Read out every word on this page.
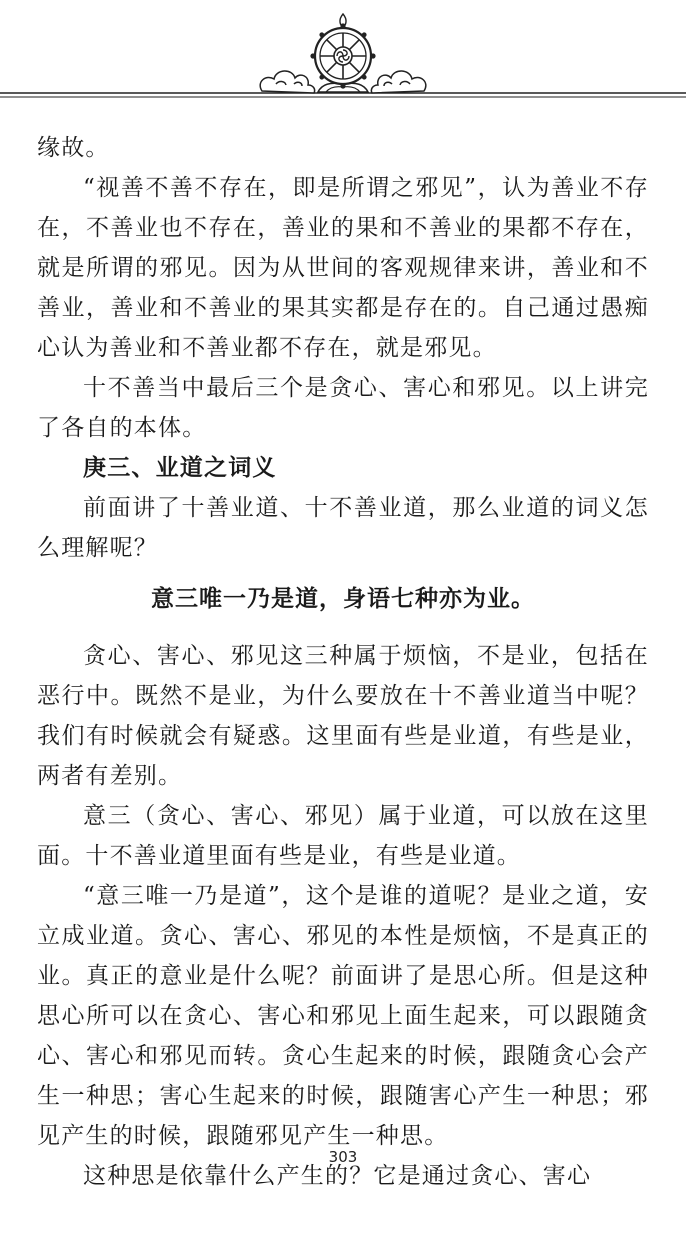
缘故。

“视善不善不存在，即是所谓之邪见”，认为善业不存在，不善业也不存在，善业的果和不善业的果都不存在，就是所谓的邪见。因为从世间的客观规律来讲，善业和不善业，善业和不善业的果其实都是存在的。自己通过愚痴心认为善业和不善业都不存在，就是邪见。

十不善当中最后三个是贪心、害心和邪见。以上讲完了各自的本体。

庚三、业道之词义

前面讲了十善业道、十不善业道，那么业道的词义怎么理解呢？

意三唯一乃是道，身语七种亦为业。

贪心、害心、邪见这三种属于烦恼，不是业，包括在恶行中。既然不是业，为什么要放在十不善业道当中呢？我们有时候就会有疑惑。这里面有些是业道，有些是业，两者有差别。

意三（贪心、害心、邪见）属于业道，可以放在这里面。十不善业道里面有些是业，有些是业道。

“意三唯一乃是道”，这个是谁的道呢？是业之道，安立成业道。贪心、害心、邪见的本性是烦恼，不是真正的业。真正的意业是什么呢？前面讲了是思心所。但是这种思心所可以在贪心、害心和邪见上面生起来，可以跟随贪心、害心和邪见而转。贪心生起来的时候，跟随贪心会产生一种思；害心生起来的时候，跟随害心产生一种思；邪见产生的时候，跟随邪见产生一种思。

这种思是依靠什么产生的？它是通过贪心、害心

303
